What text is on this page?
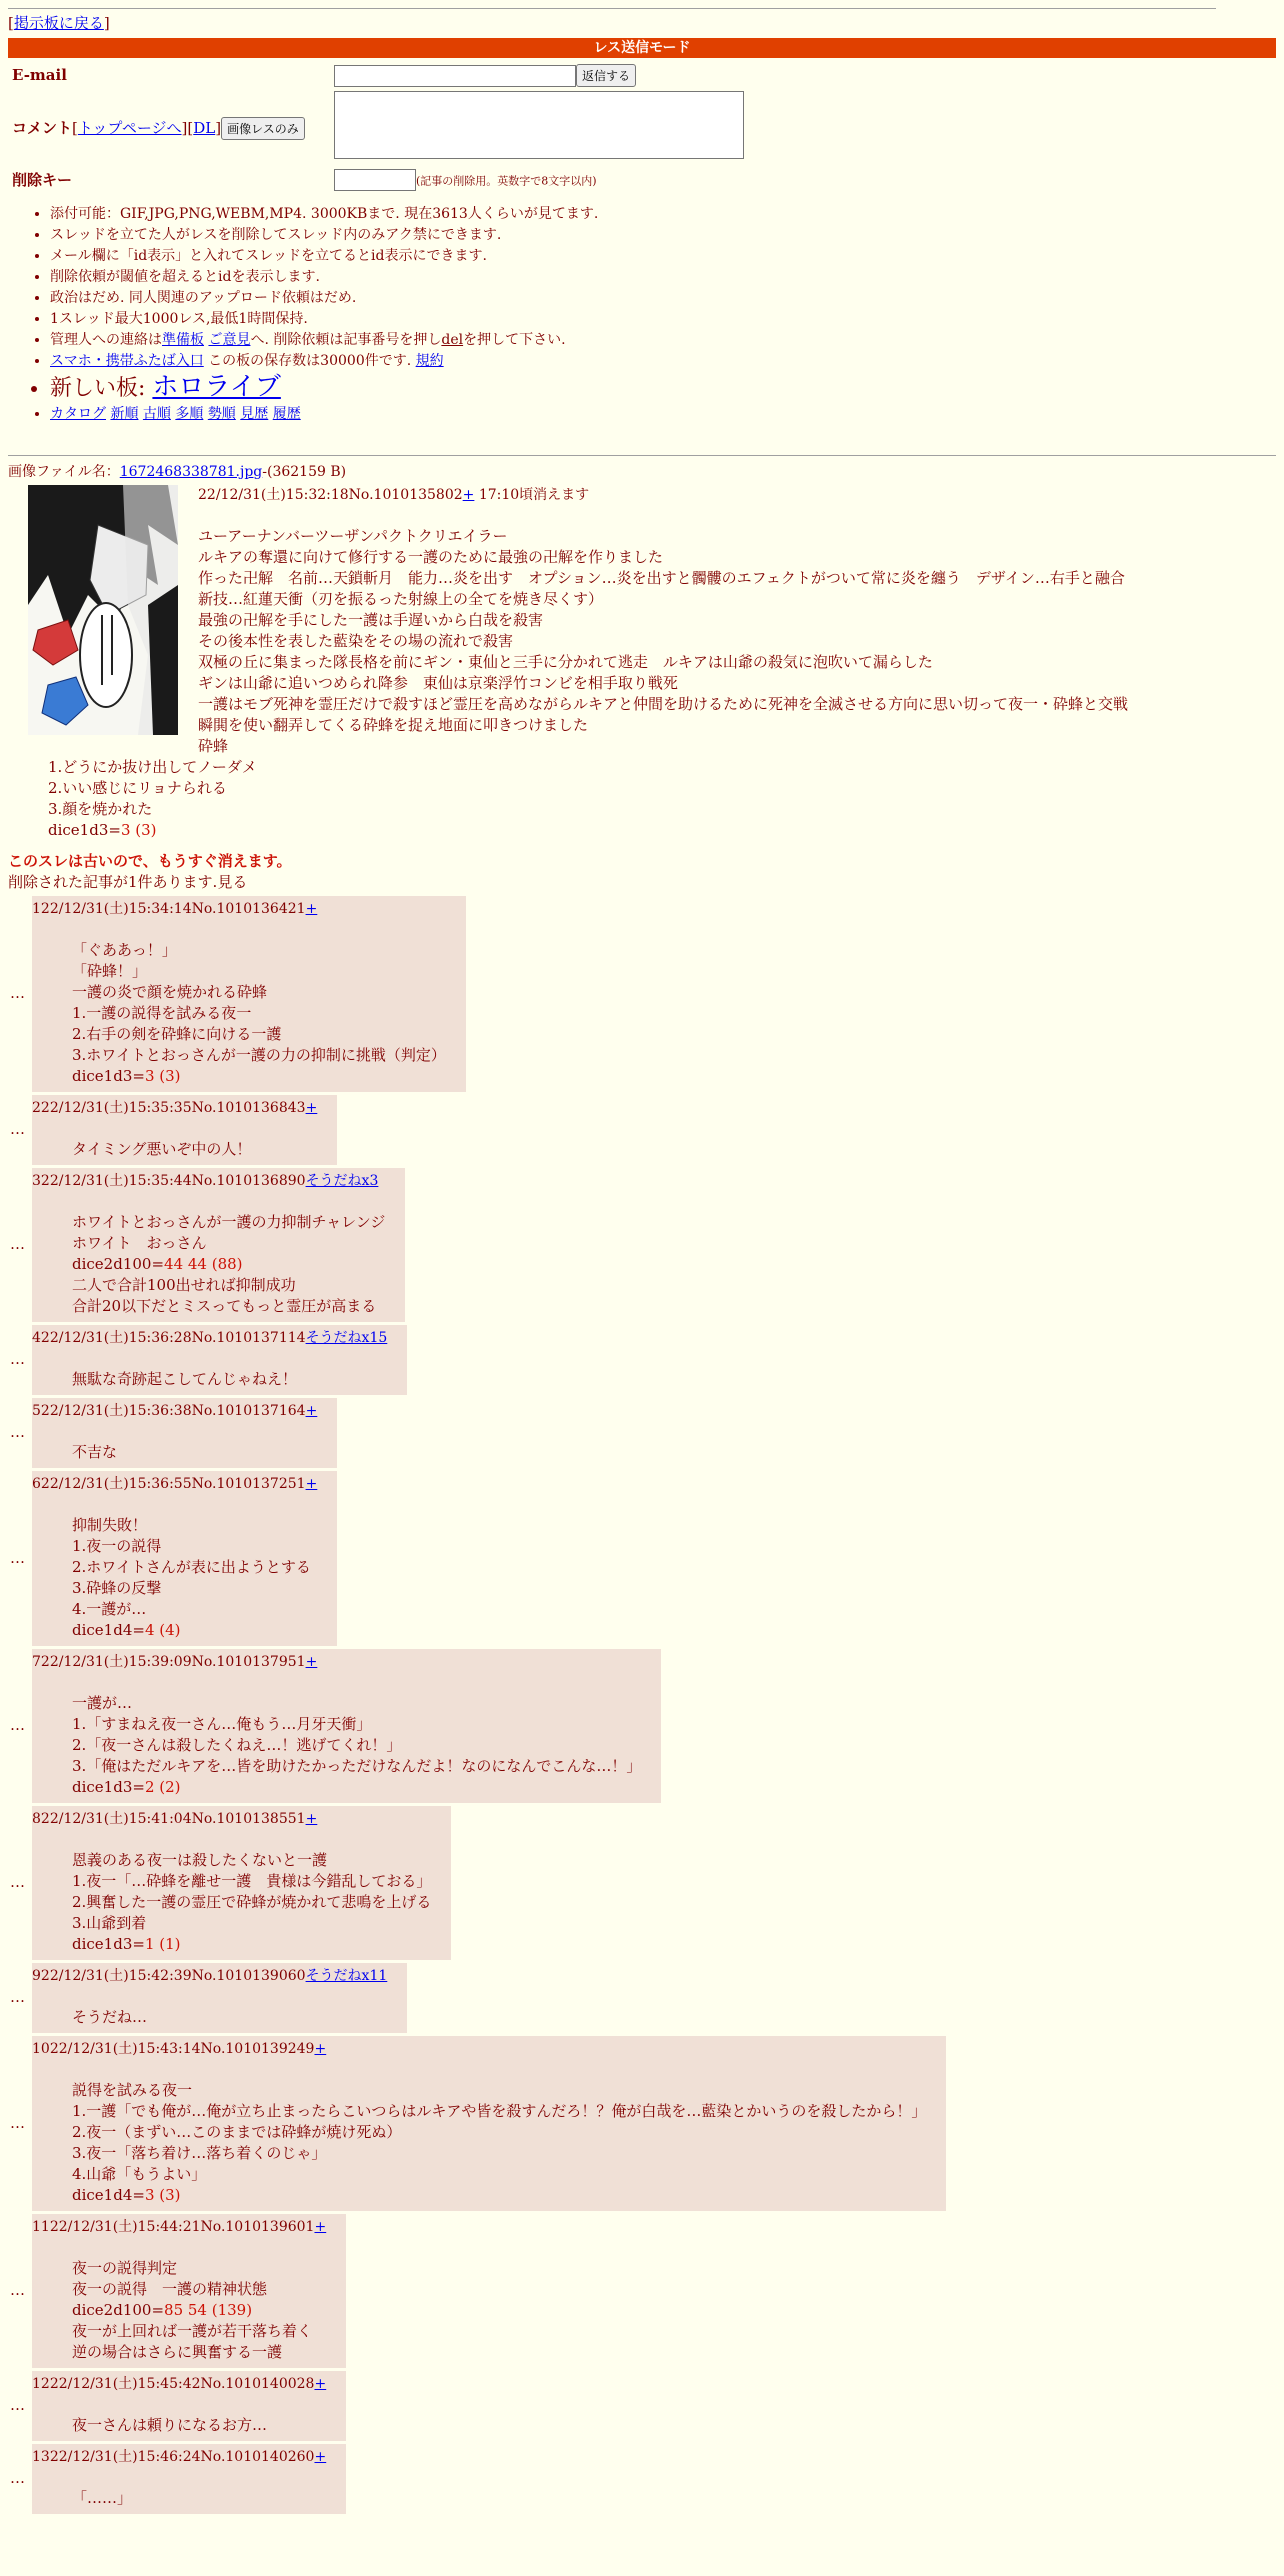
[掲示板に戻る]
レス送信モード
E-mail	返信する
コメント[トップページへ][DL] 画像レスのみ	
削除キー	(記事の削除用。英数字で8文字以内)
• 添付可能：GIF,JPG,PNG,WEBM,MP4. 3000KBまで. 現在3613人くらいが見てます.
• スレッドを立てた人がレスを削除してスレッド内のみアク禁にできます.
• メール欄に「id表示」と入れてスレッドを立てるとid表示にできます.
• 削除依頼が閾値を超えるとidを表示します.
• 政治はだめ. 同人関連のアップロード依頼はだめ.
• 1スレッド最大1000レス,最低1時間保持.
• 管理人への連絡は準備板 ご意見へ. 削除依頼は記事番号を押しdelを押して下さい.
• スマホ・携帯ふたば入口 この板の保存数は30000件です. 規約
• 新しい板: ホロライブ
• カタログ 新順 古順 多順 勢順 見歴 履歴
画像ファイル名：1672468338781.jpg-(362159 B)
22/12/31(土)15:32:18No.1010135802+ 17:10頃消えます
ユーアーナンバーツーザンパクトクリエイラー
ルキアの奪還に向けて修行する一護のために最強の卍解を作りました
作った卍解　名前…天鎖斬月　能力…炎を出す　オプション…炎を出すと髑髏のエフェクトがついて常に炎を纏う　デザイン…右手と融合
新技…紅蓮天衝（刃を振るった射線上の全てを焼き尽くす）
最強の卍解を手にした一護は手遅いから白哉を殺害
その後本性を表した藍染をその場の流れで殺害
双極の丘に集まった隊長格を前にギン・東仙と三手に分かれて逃走　ルキアは山爺の殺気に泡吹いて漏らした
ギンは山爺に追いつめられ降参　東仙は京楽浮竹コンビを相手取り戦死
一護はモブ死神を霊圧だけで殺すほど霊圧を高めながらルキアと仲間を助けるために死神を全滅させる方向に思い切って夜一・砕蜂と交戦
瞬閧を使い翻弄してくる砕蜂を捉え地面に叩きつけました
砕蜂
1.どうにか抜け出してノーダメ
2.いい感じにリョナられる
3.顔を焼かれた
dice1d3=3 (3)
このスレは古いので、もうすぐ消えます。
削除された記事が1件あります.見る
…
122/12/31(土)15:34:14No.1010136421+
「ぐああっ！」
「砕蜂！」
一護の炎で顔を焼かれる砕蜂
1.一護の説得を試みる夜一
2.右手の剣を砕蜂に向ける一護
3.ホワイトとおっさんが一護の力の抑制に挑戦（判定）
dice1d3=3 (3)
…
222/12/31(土)15:35:35No.1010136843+
タイミング悪いぞ中の人！
…
322/12/31(土)15:35:44No.1010136890そうだねx3
ホワイトとおっさんが一護の力抑制チャレンジ
ホワイト　おっさん
dice2d100=44 44 (88)
二人で合計100出せれば抑制成功
合計20以下だとミスってもっと霊圧が高まる
…
422/12/31(土)15:36:28No.1010137114そうだねx15
無駄な奇跡起こしてんじゃねえ！
…
522/12/31(土)15:36:38No.1010137164+
不吉な
…
622/12/31(土)15:36:55No.1010137251+
抑制失敗！
1.夜一の説得
2.ホワイトさんが表に出ようとする
3.砕蜂の反撃
4.一護が…
dice1d4=4 (4)
…
722/12/31(土)15:39:09No.1010137951+
一護が…
1.「すまねえ夜一さん…俺もう…月牙天衝」
2.「夜一さんは殺したくねえ…！逃げてくれ！」
3.「俺はただルキアを…皆を助けたかっただけなんだよ！なのになんでこんな…！」
dice1d3=2 (2)
…
822/12/31(土)15:41:04No.1010138551+
恩義のある夜一は殺したくないと一護
1.夜一「…砕蜂を離せ一護　貴様は今錯乱しておる」
2.興奮した一護の霊圧で砕蜂が焼かれて悲鳴を上げる
3.山爺到着
dice1d3=1 (1)
…
922/12/31(土)15:42:39No.1010139060そうだねx11
そうだね…
…
1022/12/31(土)15:43:14No.1010139249+
説得を試みる夜一
1.一護「でも俺が…俺が立ち止まったらこいつらはルキアや皆を殺すんだろ！？俺が白哉を…藍染とかいうのを殺したから！」
2.夜一（まずい…このままでは砕蜂が焼け死ぬ）
3.夜一「落ち着け…落ち着くのじゃ」
4.山爺「もうよい」
dice1d4=3 (3)
…
1122/12/31(土)15:44:21No.1010139601+
夜一の説得判定
夜一の説得　一護の精神状態
dice2d100=85 54 (139)
夜一が上回れば一護が若干落ち着く
逆の場合はさらに興奮する一護
…
1222/12/31(土)15:45:42No.1010140028+
夜一さんは頼りになるお方…
…
1322/12/31(土)15:46:24No.1010140260+
「……」
